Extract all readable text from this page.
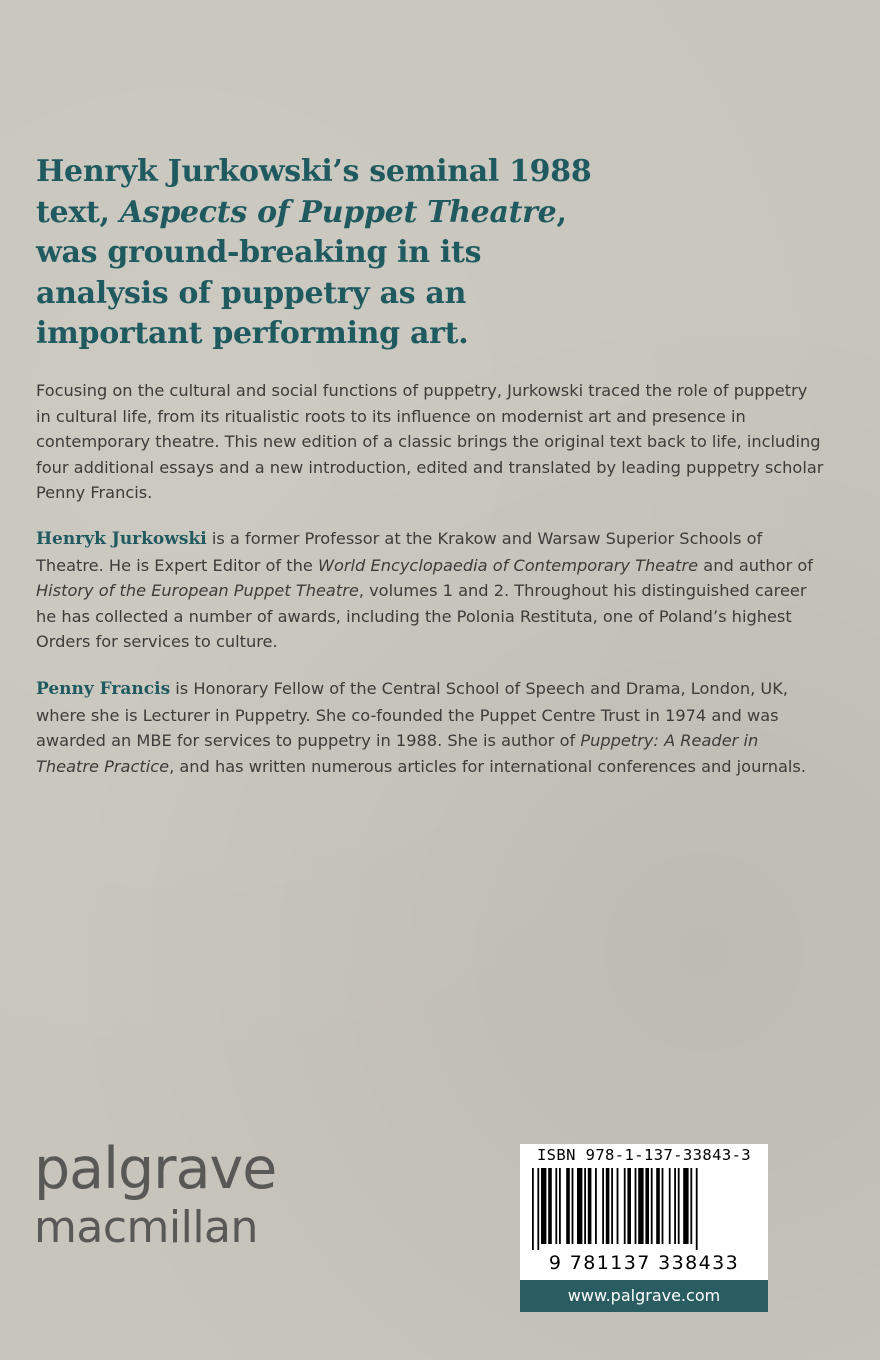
Henryk Jurkowski’s seminal 1988 text, Aspects of Puppet Theatre, was ground-breaking in its analysis of puppetry as an important performing art.
Focusing on the cultural and social functions of puppetry, Jurkowski traced the role of puppetry in cultural life, from its ritualistic roots to its influence on modernist art and presence in contemporary theatre. This new edition of a classic brings the original text back to life, including four additional essays and a new introduction, edited and translated by leading puppetry scholar Penny Francis.
Henryk Jurkowski is a former Professor at the Krakow and Warsaw Superior Schools of Theatre. He is Expert Editor of the World Encyclopaedia of Contemporary Theatre and author of History of the European Puppet Theatre, volumes 1 and 2. Throughout his distinguished career he has collected a number of awards, including the Polonia Restituta, one of Poland’s highest Orders for services to culture.
Penny Francis is Honorary Fellow of the Central School of Speech and Drama, London, UK, where she is Lecturer in Puppetry. She co-founded the Puppet Centre Trust in 1974 and was awarded an MBE for services to puppetry in 1988. She is author of Puppetry: A Reader in Theatre Practice, and has written numerous articles for international conferences and journals.
palgrave
macmillan
ISBN 978-1-137-33843-3
9 781137 338433
www.palgrave.com
